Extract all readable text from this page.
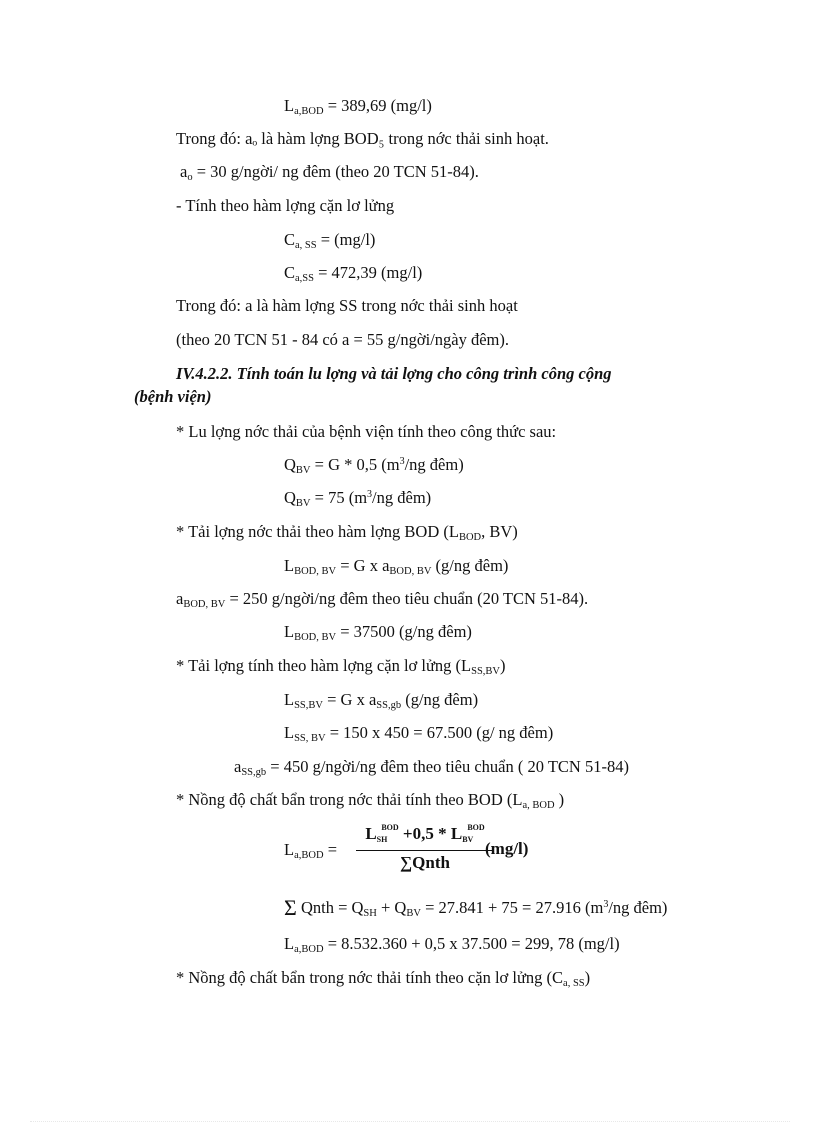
La,BOD = 389,69 (mg/l)
Trong đó: aₒ là hàm lợng BOD₅ trong nớc thải sinh hoạt.
ao = 30 g/ngời/ ng đêm (theo 20 TCN 51-84).
- Tính theo hàm lợng cặn lơ lửng
Ca, SS = (mg/l)
Ca,SS = 472,39 (mg/l)
Trong đó: a là hàm lợng SS trong nớc thải sinh hoạt
(theo 20 TCN 51 - 84 có a = 55 g/ngời/ngày đêm).
IV.4.2.2. Tính toán lu lợng và tải lợng cho công trình công cộng
(bệnh viện)
* Lu lợng nớc thải của bệnh viện tính theo công thức sau:
QBV = G * 0,5 ($m^3/ng$ đêm)
QBV = 75 ($m^3/ng$ đêm)
* Tải lợng nớc thải theo hàm lợng BOD (LBOD, BV)
LBOD, BV = G x aBOD, BV (g/ng đêm)
aBOD, BV = 250 g/ngời/ng đêm theo tiêu chuẩn (20 TCN 51-84).
LBOD, BV = 37500 (g/ng đêm)
* Tải lợng tính theo hàm lợng cặn lơ lửng (LSS,BV)
LSS,BV = G x aSS,gb (g/ng đêm)
LSS, BV = 150 x 450 = 67.500 (g/ ng đêm)
aSS,gb = 450 g/ngời/ng đêm theo tiêu chuẩn ( 20 TCN 51-84)
* Nồng độ chất bẩn trong nớc thải tính theo BOD (La, BOD )
La,BOD =
$LSH^{BOD} +0,5 * LBV^{BOD}$
∑Qnth
(mg/l)
Σ Qnth = QSH + QBV = 27.841 + 75 = 27.916 ($m^3/ng$ đêm)
La,BOD = 8.532.360 + 0,5 x 37.500 = 299, 78 (mg/l)
* Nồng độ chất bẩn trong nớc thải tính theo cặn lơ lửng (Ca, SS)
